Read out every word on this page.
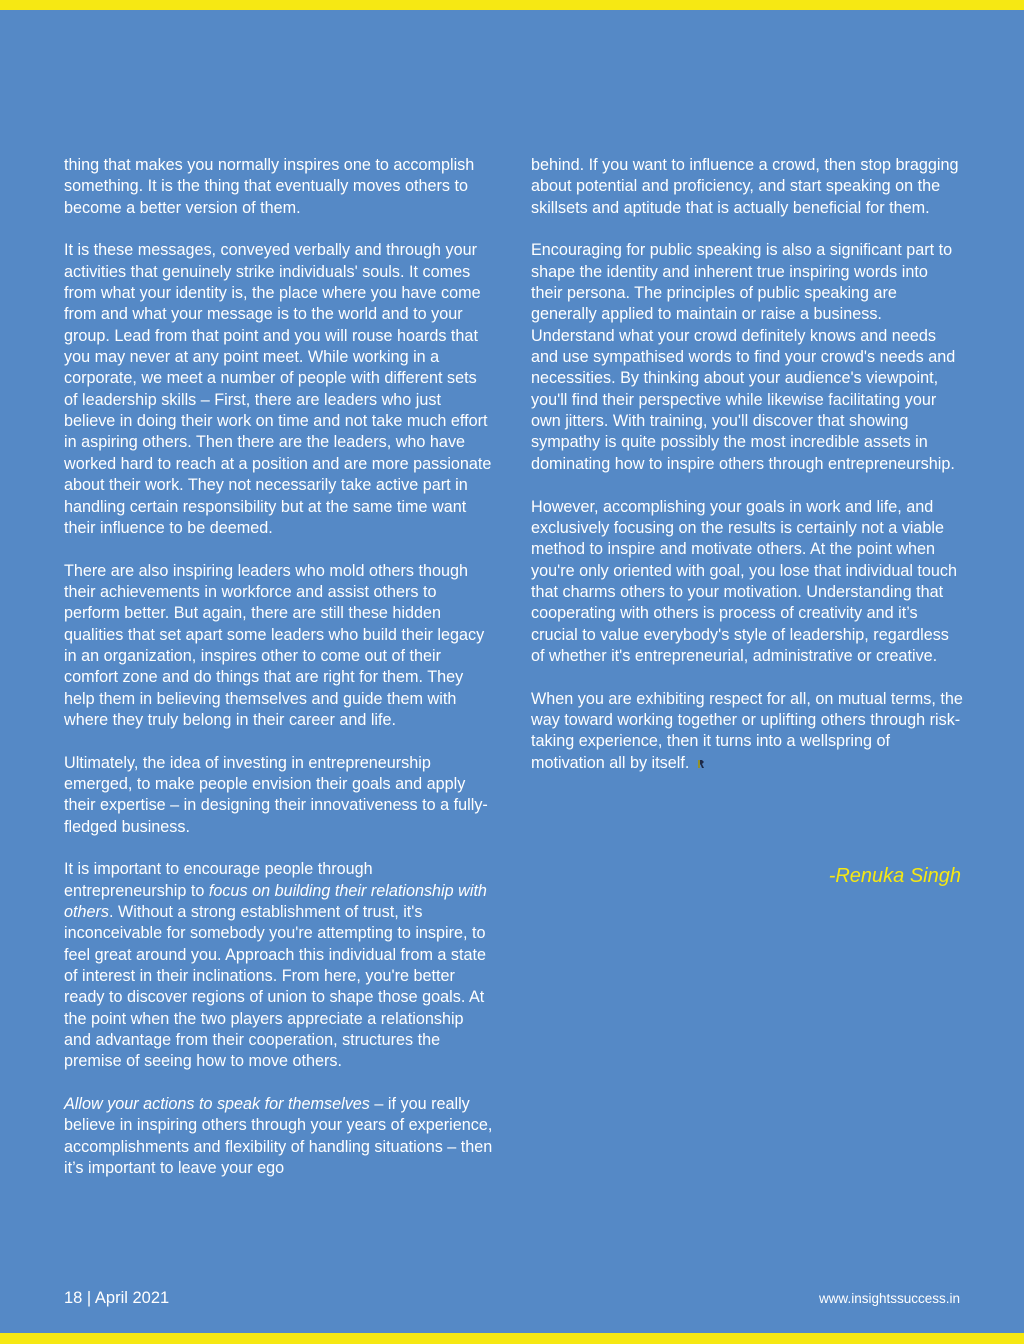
thing that makes you normally inspires one to accomplish something. It is the thing that eventually moves others to become a better version of them.

It is these messages, conveyed verbally and through your activities that genuinely strike individuals' souls. It comes from what your identity is, the place where you have come from and what your message is to the world and to your group. Lead from that point and you will rouse hoards that you may never at any point meet. While working in a corporate, we meet a number of people with different sets of leadership skills – First, there are leaders who just believe in doing their work on time and not take much effort in aspiring others. Then there are the leaders, who have worked hard to reach at a position and are more passionate about their work. They not necessarily take active part in handling certain responsibility but at the same time want their influence to be deemed.

There are also inspiring leaders who mold others though their achievements in workforce and assist others to perform better. But again, there are still these hidden qualities that set apart some leaders who build their legacy in an organization, inspires other to come out of their comfort zone and do things that are right for them. They help them in believing themselves and guide them with where they truly belong in their career and life.

Ultimately, the idea of investing in entrepreneurship emerged, to make people envision their goals and apply their expertise – in designing their innovativeness to a fully-fledged business.

It is important to encourage people through entrepreneurship to focus on building their relationship with others. Without a strong establishment of trust, it's inconceivable for somebody you're attempting to inspire, to feel great around you. Approach this individual from a state of interest in their inclinations. From here, you're better ready to discover regions of union to shape those goals. At the point when the two players appreciate a relationship and advantage from their cooperation, structures the premise of seeing how to move others.

Allow your actions to speak for themselves – if you really believe in inspiring others through your years of experience, accomplishments and flexibility of handling situations – then it’s important to leave your ego

behind. If you want to influence a crowd, then stop bragging about potential and proficiency, and start speaking on the skillsets and aptitude that is actually beneficial for them.

Encouraging for public speaking is also a significant part to shape the identity and inherent true inspiring words into their persona. The principles of public speaking are generally applied to maintain or raise a business. Understand what your crowd definitely knows and needs and use sympathised words to find your crowd's needs and necessities. By thinking about your audience's viewpoint, you'll find their perspective while likewise facilitating your own jitters. With training, you'll discover that showing sympathy is quite possibly the most incredible assets in dominating how to inspire others through entrepreneurship.

However, accomplishing your goals in work and life, and exclusively focusing on the results is certainly not a viable method to inspire and motivate others. At the point when you're only oriented with goal, you lose that individual touch that charms others to your motivation. Understanding that cooperating with others is process of creativity and it’s crucial to value everybody's style of leadership, regardless of whether it's entrepreneurial, administrative or creative.

When you are exhibiting respect for all, on mutual terms, the way toward working together or uplifting others through risk-taking experience, then it turns into a wellspring of motivation all by itself.

-Renuka Singh
18 | April 2021	www.insightssuccess.in
